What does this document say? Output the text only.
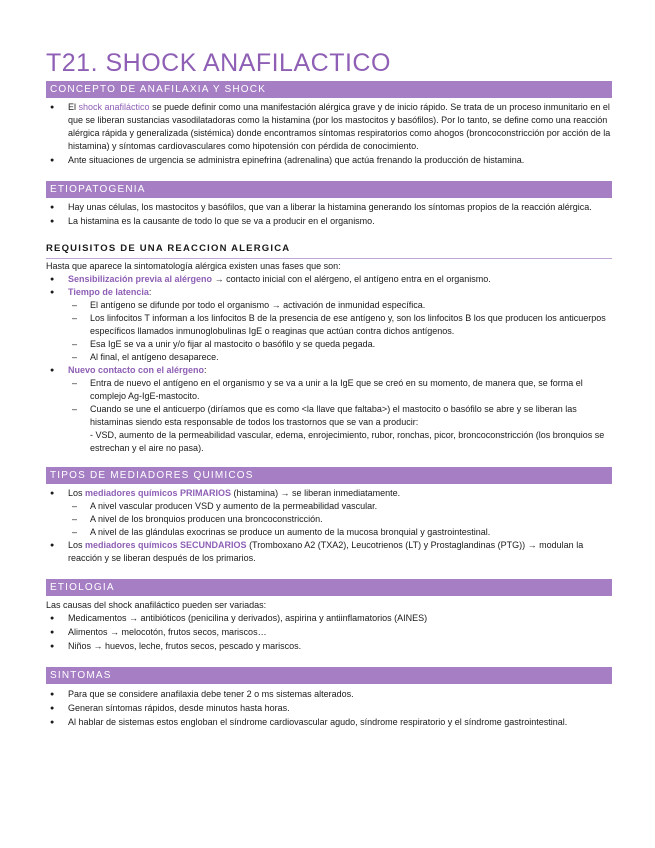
T21. SHOCK ANAFILACTICO
CONCEPTO DE ANAFILAXIA Y SHOCK
● El shock anafiláctico se puede definir como una manifestación alérgica grave y de inicio rápido. Se trata de un proceso inmunitario en el que se liberan sustancias vasodilatadoras como la histamina (por los mastocitos y basófilos). Por lo tanto, se define como una reacción alérgica rápida y generalizada (sistémica) donde encontramos síntomas respiratorios como ahogos (broncoconstricción por acción de la histamina) y síntomas cardiovasculares como hipotensión con pérdida de conocimiento.
● Ante situaciones de urgencia se administra epinefrina (adrenalina) que actúa frenando la producción de histamina.
ETIOPATOGENIA
● Hay unas células, los mastocitos y basófilos, que van a liberar la histamina generando los síntomas propios de la reacción alérgica.
● La histamina es la causante de todo lo que se va a producir en el organismo.
REQUISITOS DE UNA REACCION ALERGICA
Hasta que aparece la sintomatología alérgica existen unas fases que son:
● Sensibilización previa al alérgeno → contacto inicial con el alérgeno, el antígeno entra en el organismo.
● Tiempo de latencia:
– El antígeno se difunde por todo el organismo → activación de inmunidad específica.
– Los linfocitos T informan a los linfocitos B de la presencia de ese antígeno y, son los linfocitos B los que producen los anticuerpos específicos llamados inmunoglobulinas IgE o reaginas que actúan contra dichos antígenos.
– Esa IgE se va a unir y/o fijar al mastocito o basófilo y se queda pegada.
– Al final, el antígeno desaparece.
● Nuevo contacto con el alérgeno:
– Entra de nuevo el antígeno en el organismo y se va a unir a la IgE que se creó en su momento, de manera que, se forma el complejo Ag-IgE-mastocito.
– Cuando se une el anticuerpo (diríamos que es como <la llave que faltaba>) el mastocito o basófilo se abre y se liberan las histaminas siendo esta responsable de todos los trastornos que se van a producir:
- VSD, aumento de la permeabilidad vascular, edema, enrojecimiento, rubor, ronchas, picor, broncoconstricción (los bronquios se estrechan y el aire no pasa).
TIPOS DE MEDIADORES QUIMICOS
● Los mediadores químicos PRIMARIOS (histamina) → se liberan inmediatamente.
– A nivel vascular producen VSD y aumento de la permeabilidad vascular.
– A nivel de los bronquios producen una broncoconstricción.
– A nivel de las glándulas exocrinas se produce un aumento de la mucosa bronquial y gastrointestinal.
● Los mediadores químicos SECUNDARIOS (Tromboxano A2 (TXA2), Leucotrienos (LT) y Prostaglandinas (PTG)) → modulan la reacción y se liberan después de los primarios.
ETIOLOGIA
Las causas del shock anafiláctico pueden ser variadas:
● Medicamentos → antibióticos (penicilina y derivados), aspirina y antiinflamatorios (AINES)
● Alimentos → melocotón, frutos secos, mariscos…
● Niños → huevos, leche, frutos secos, pescado y mariscos.
SINTOMAS
● Para que se considere anafilaxia debe tener 2 o ms sistemas alterados.
● Generan síntomas rápidos, desde minutos hasta horas.
● Al hablar de sistemas estos engloban el síndrome cardiovascular agudo, síndrome respiratorio y el síndrome gastrointestinal.
